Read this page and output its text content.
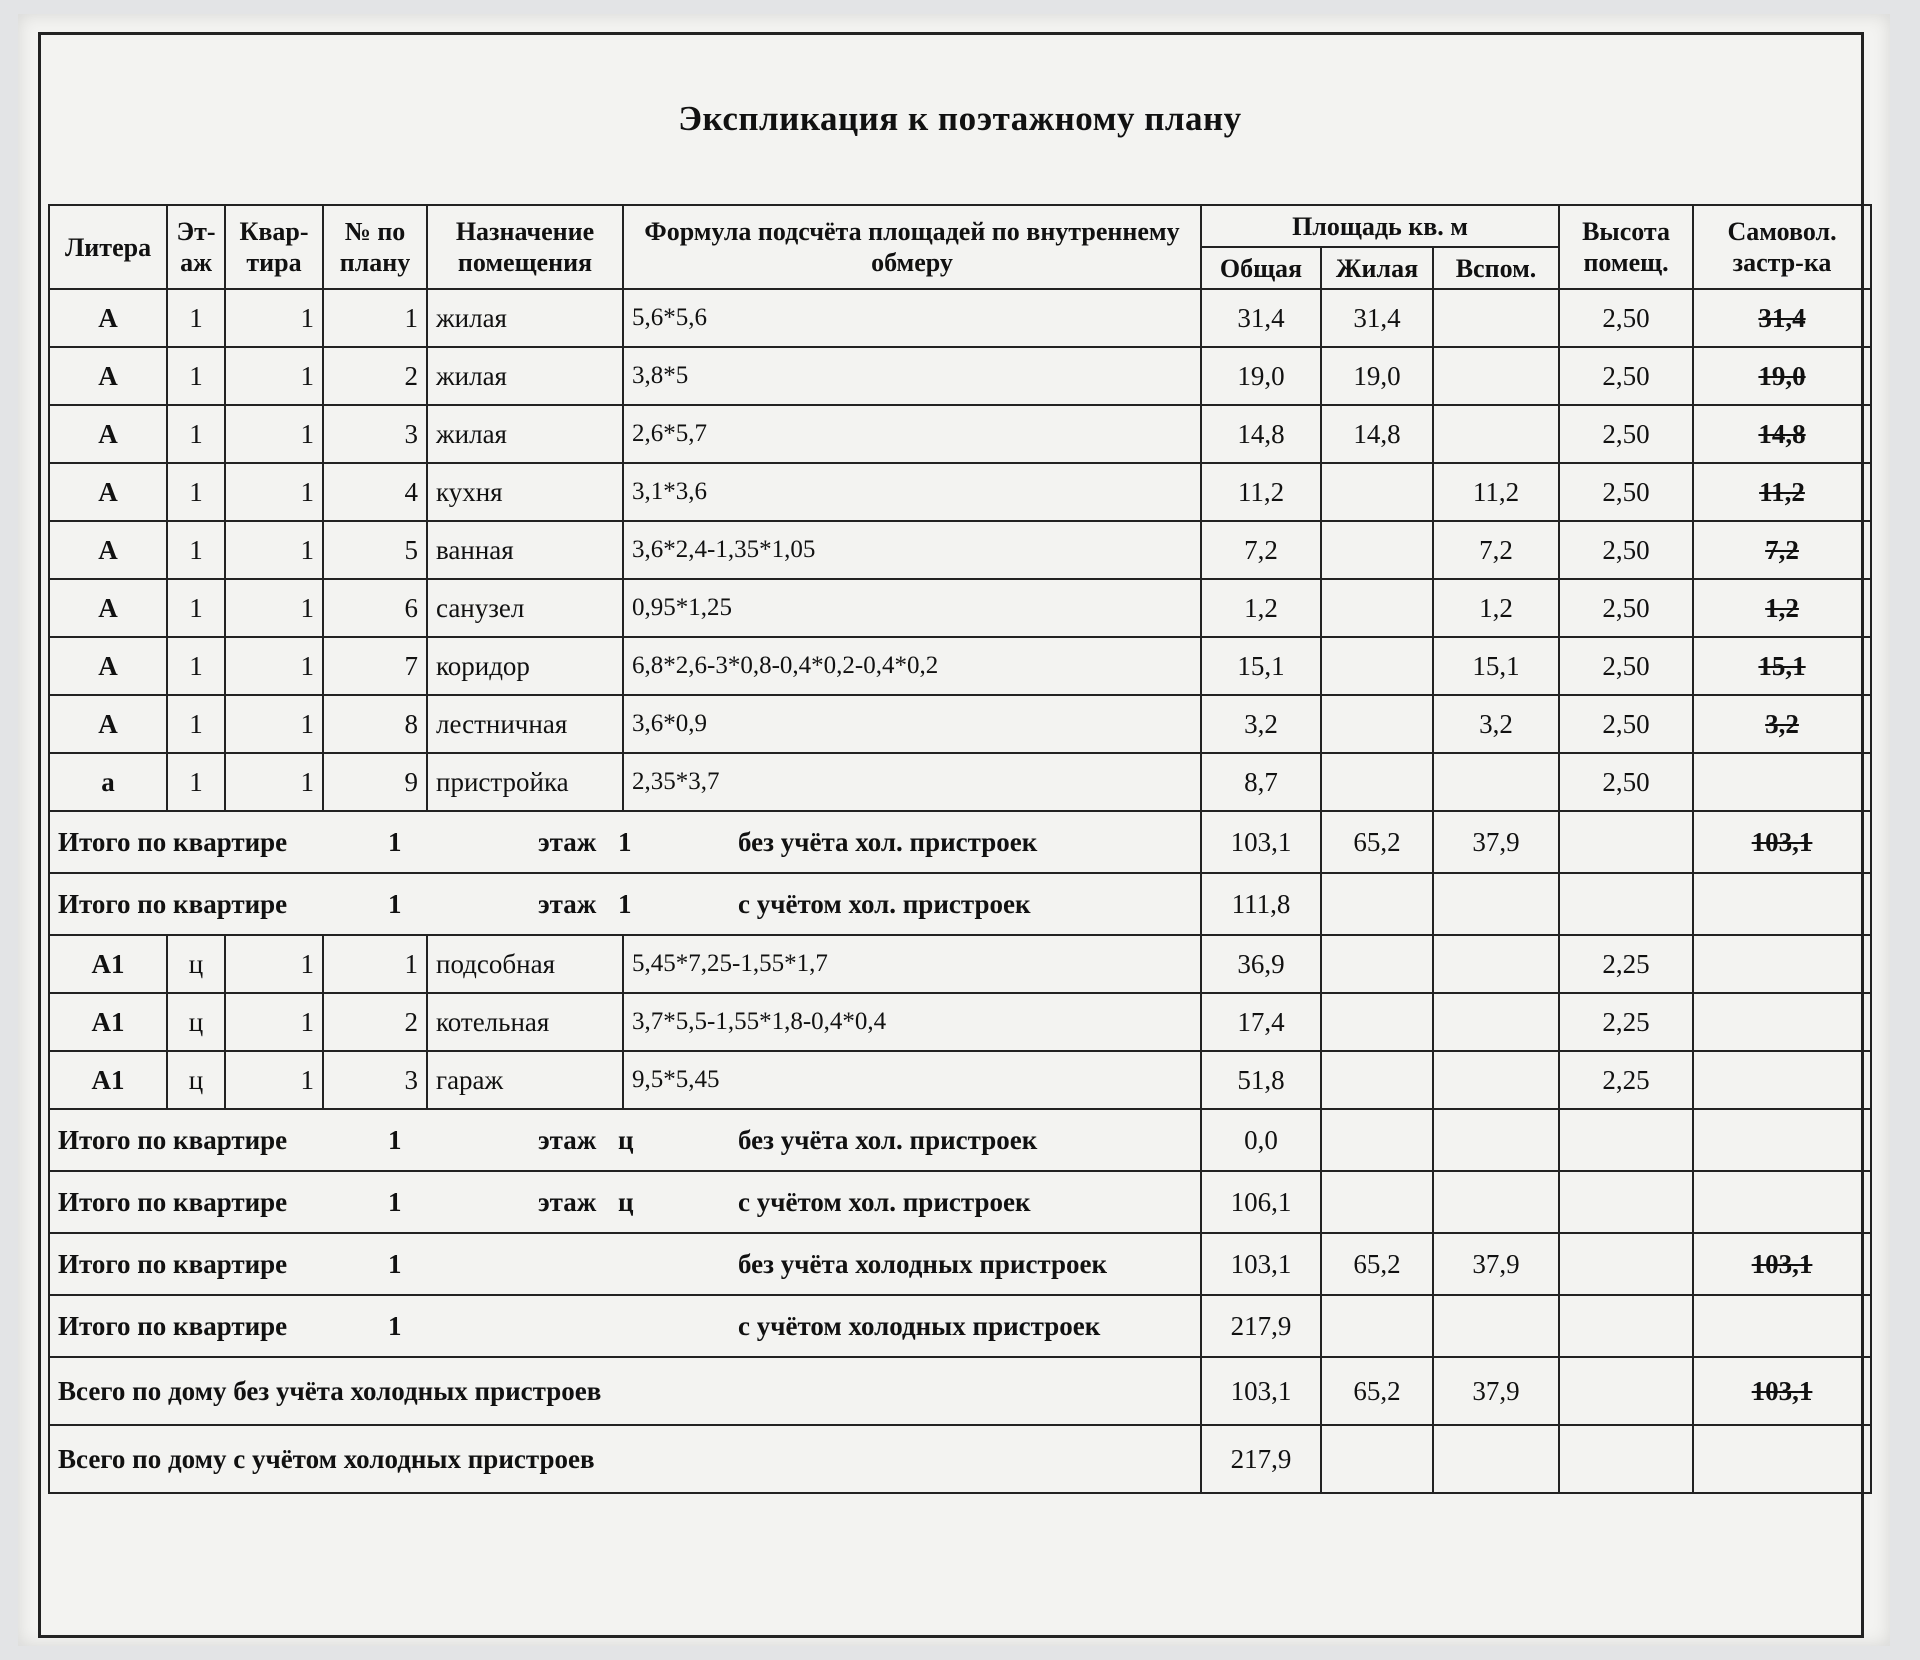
Экспликация к поэтажному плану
Литера	Эт-аж	Квар-тира	№ по плану	Назначение помещения	Формула подсчёта площадей по внутреннему обмеру	Площадь кв. м			Высота помещ.	Самовол. застр-ка
						Общая	Жилая	Вспом.		
А	1	1	1	жилая	5,6*5,6	31,4	31,4		2,50	31,4
А	1	1	2	жилая	3,8*5	19,0	19,0		2,50	19,0
А	1	1	3	жилая	2,6*5,7	14,8	14,8		2,50	14,8
А	1	1	4	кухня	3,1*3,6	11,2		11,2	2,50	11,2
А	1	1	5	ванная	3,6*2,4-1,35*1,05	7,2		7,2	2,50	7,2
А	1	1	6	санузел	0,95*1,25	1,2		1,2	2,50	1,2
А	1	1	7	коридор	6,8*2,6-3*0,8-0,4*0,2-0,4*0,2	15,1		15,1	2,50	15,1
А	1	1	8	лестничная	3,6*0,9	3,2		3,2	2,50	3,2
а	1	1	9	пристройка	2,35*3,7	8,7			2,50	
Итого по квартире 1 этаж 1 без учёта хол. пристроек						103,1	65,2	37,9		103,1
Итого по квартире 1 этаж 1 с учётом хол. пристроек						111,8				
А1	ц	1	1	подсобная	5,45*7,25-1,55*1,7	36,9			2,25	
А1	ц	1	2	котельная	3,7*5,5-1,55*1,8-0,4*0,4	17,4			2,25	
А1	ц	1	3	гараж	9,5*5,45	51,8			2,25	
Итого по квартире 1 этаж ц без учёта хол. пристроек						0,0				
Итого по квартире 1 этаж ц с учётом хол. пристроек						106,1				
Итого по квартире 1 без учёта холодных пристроек						103,1	65,2	37,9		103,1
Итого по квартире 1 с учётом холодных пристроек						217,9				
Всего по дому без учёта холодных пристроев						103,1	65,2	37,9		103,1
Всего по дому с учётом холодных пристроев						217,9				
